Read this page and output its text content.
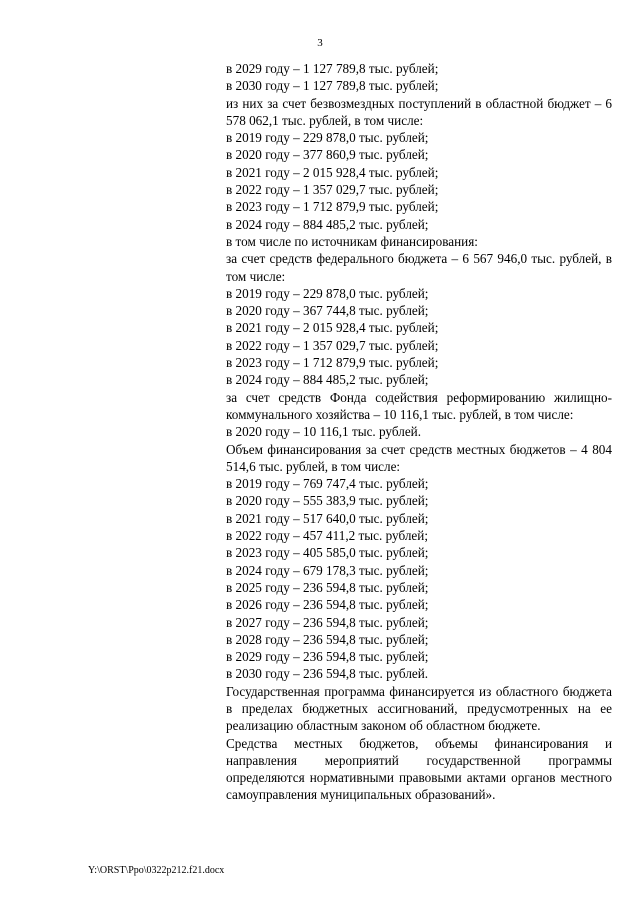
3
в 2029 году – 1 127 789,8 тыс. рублей;
в 2030 году – 1 127 789,8 тыс. рублей;
из них за счет безвозмездных поступлений в областной бюджет – 6 578 062,1 тыс. рублей, в том числе:
в 2019 году – 229 878,0 тыс. рублей;
в 2020 году – 377 860,9 тыс. рублей;
в 2021 году – 2 015 928,4 тыс. рублей;
в 2022 году – 1 357 029,7 тыс. рублей;
в 2023 году – 1 712 879,9 тыс. рублей;
в 2024 году – 884 485,2 тыс. рублей;
в том числе по источникам финансирования:
за счет средств федерального бюджета – 6 567 946,0 тыс. рублей, в том числе:
в 2019 году – 229 878,0 тыс. рублей;
в 2020 году – 367 744,8 тыс. рублей;
в 2021 году – 2 015 928,4 тыс. рублей;
в 2022 году – 1 357 029,7 тыс. рублей;
в 2023 году – 1 712 879,9 тыс. рублей;
в 2024 году – 884 485,2 тыс. рублей;
за счет средств Фонда содействия реформированию жилищно-коммунального хозяйства – 10 116,1 тыс. рублей, в том числе:
в 2020 году – 10 116,1 тыс. рублей.
Объем финансирования за счет средств местных бюджетов – 4 804 514,6 тыс. рублей, в том числе:
в 2019 году – 769 747,4 тыс. рублей;
в 2020 году – 555 383,9 тыс. рублей;
в 2021 году – 517 640,0 тыс. рублей;
в 2022 году – 457 411,2 тыс. рублей;
в 2023 году – 405 585,0 тыс. рублей;
в 2024 году – 679 178,3 тыс. рублей;
в 2025 году – 236 594,8 тыс. рублей;
в 2026 году – 236 594,8 тыс. рублей;
в 2027 году – 236 594,8 тыс. рублей;
в 2028 году – 236 594,8 тыс. рублей;
в 2029 году – 236 594,8 тыс. рублей;
в 2030 году – 236 594,8 тыс. рублей.
Государственная программа финансируется из областного бюджета в пределах бюджетных ассигнований, предусмотренных на ее реализацию областным законом об областном бюджете.
Средства местных бюджетов, объемы финансирования и направления мероприятий государственной программы определяются нормативными правовыми актами органов местного самоуправления муниципальных образований».
Y:\ORST\Ppo\0322p212.f21.docx
